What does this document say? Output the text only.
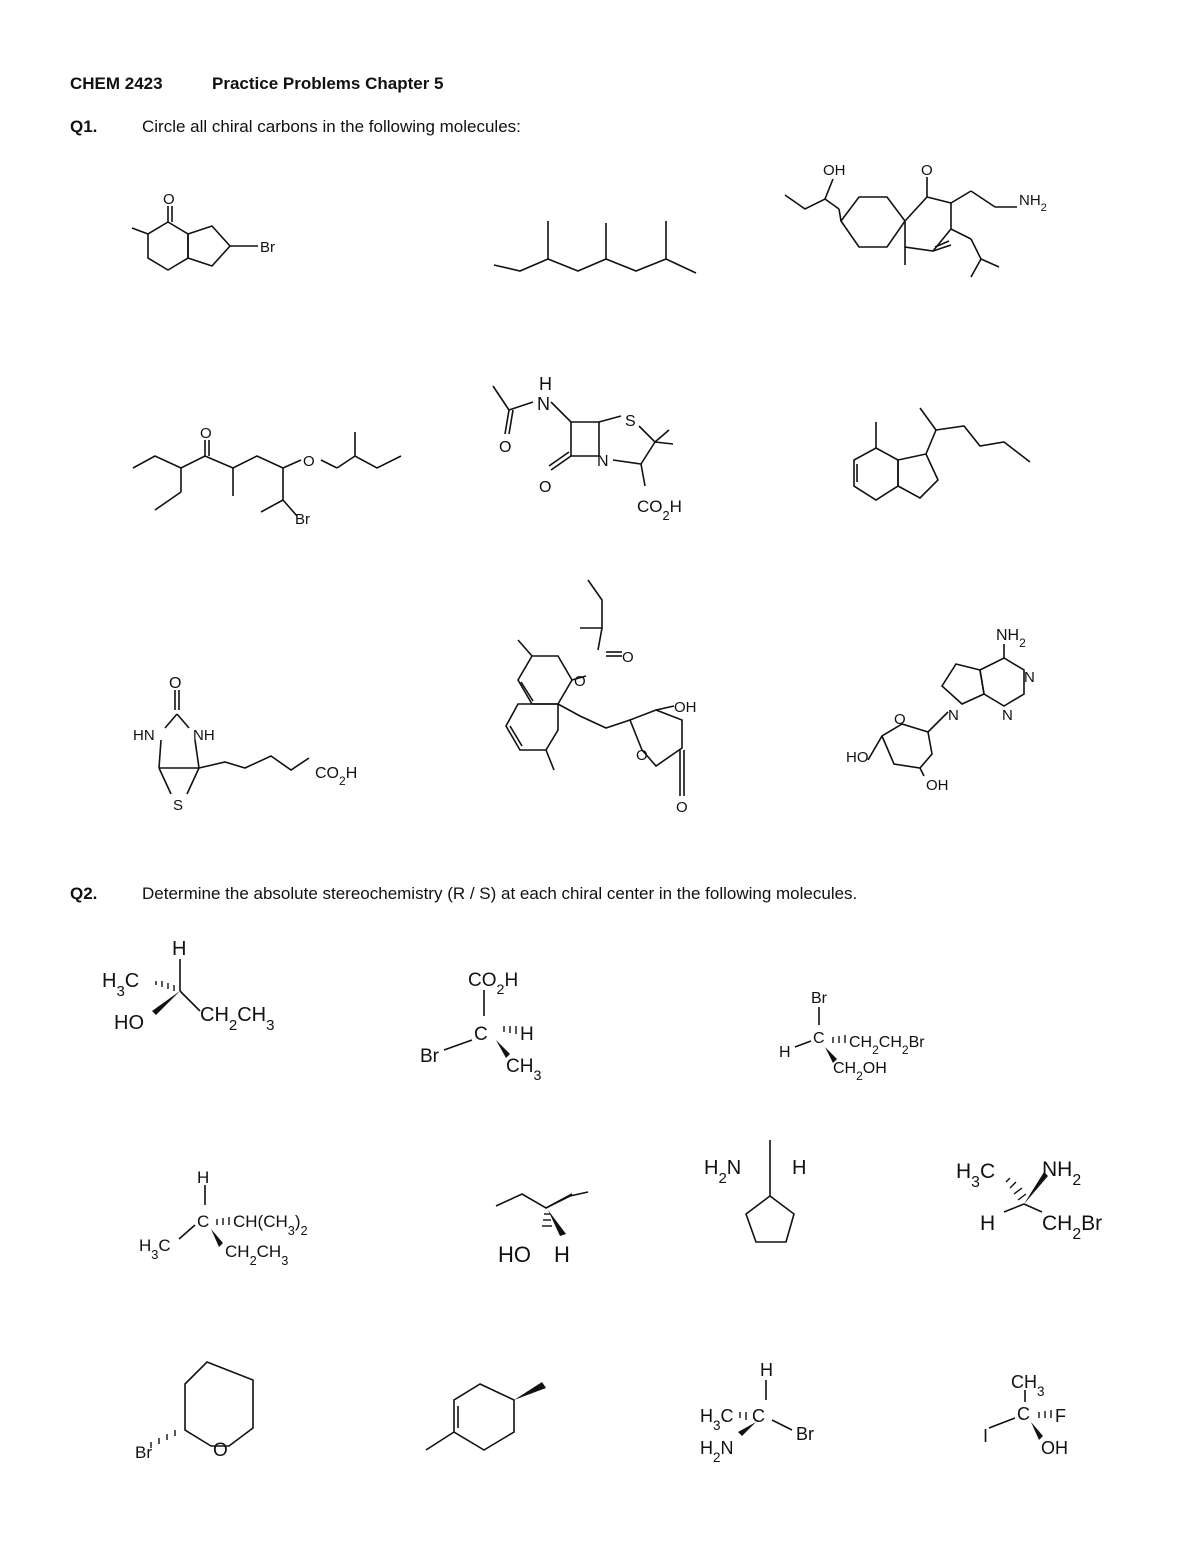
CHEM 2423	Practice Problems Chapter 5
Q1.	Circle all chiral carbons in the following molecules:
O
Br
OH	O
$NH_2$
O
O
Br
H
N
S
N
O
O
$CO_2H$
O
HN	NH
S
$CO_2H$
O
O
OH
O
O
$NH_2$
N
N
N
O
HO
OH
Q2.	Determine the absolute stereochemistry (R / S) at each chiral center in the following molecules.
H
$H_3C$
HO	$CH_2CH_3$
$CO_2H$
C H
Br	$CH_3$
Br
C
H
$CH_2CH_2Br$
$CH_2OH$
H
C $CH(CH_3)_2$
$H_3C$	$CH_2CH_3$	HO H
$H_2N$	H	$H_3C$ $NH_2$
H $CH_2Br$
Br	O
H
$H_3C$ C
Br
$H_2N$
$CH_3$
C F
I
OH
